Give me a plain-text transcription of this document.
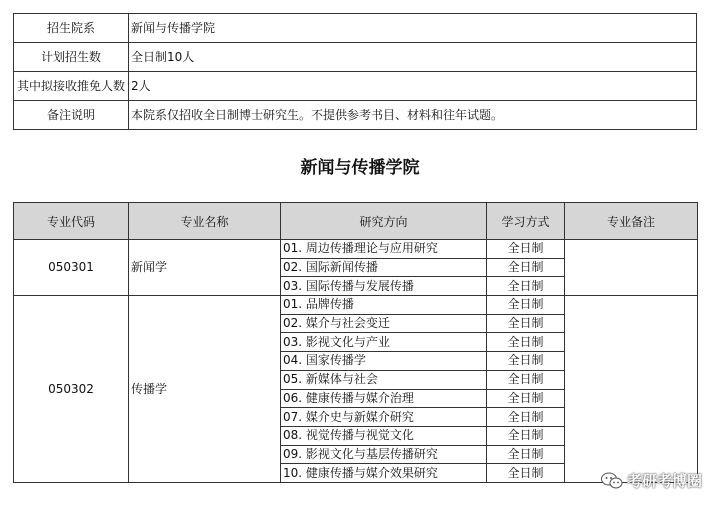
招生院系	新闻与传播学院
计划招生数	全日制10人
其中拟接收推免人数	2人
备注说明	本院系仅招收全日制博士研究生。不提供参考书目、材料和往年试题。
新闻与传播学院
专业代码	专业名称	研究方向	学习方式	专业备注
050301	新闻学	01. 周边传播理论与应用研究	全日制	
		02. 国际新闻传播	全日制	
		03. 国际传播与发展传播	全日制	
050302	传播学	01. 品牌传播	全日制	
		02. 媒介与社会变迁	全日制	
		03. 影视文化与产业	全日制	
		04. 国家传播学	全日制	
		05. 新媒体与社会	全日制	
		06. 健康传播与媒介治理	全日制	
		07. 媒介史与新媒介研究	全日制	
		08. 视觉传播与视觉文化	全日制	
		09. 影视文化与基层传播研究	全日制	
		10. 健康传播与媒介效果研究	全日制		考研考博圈
